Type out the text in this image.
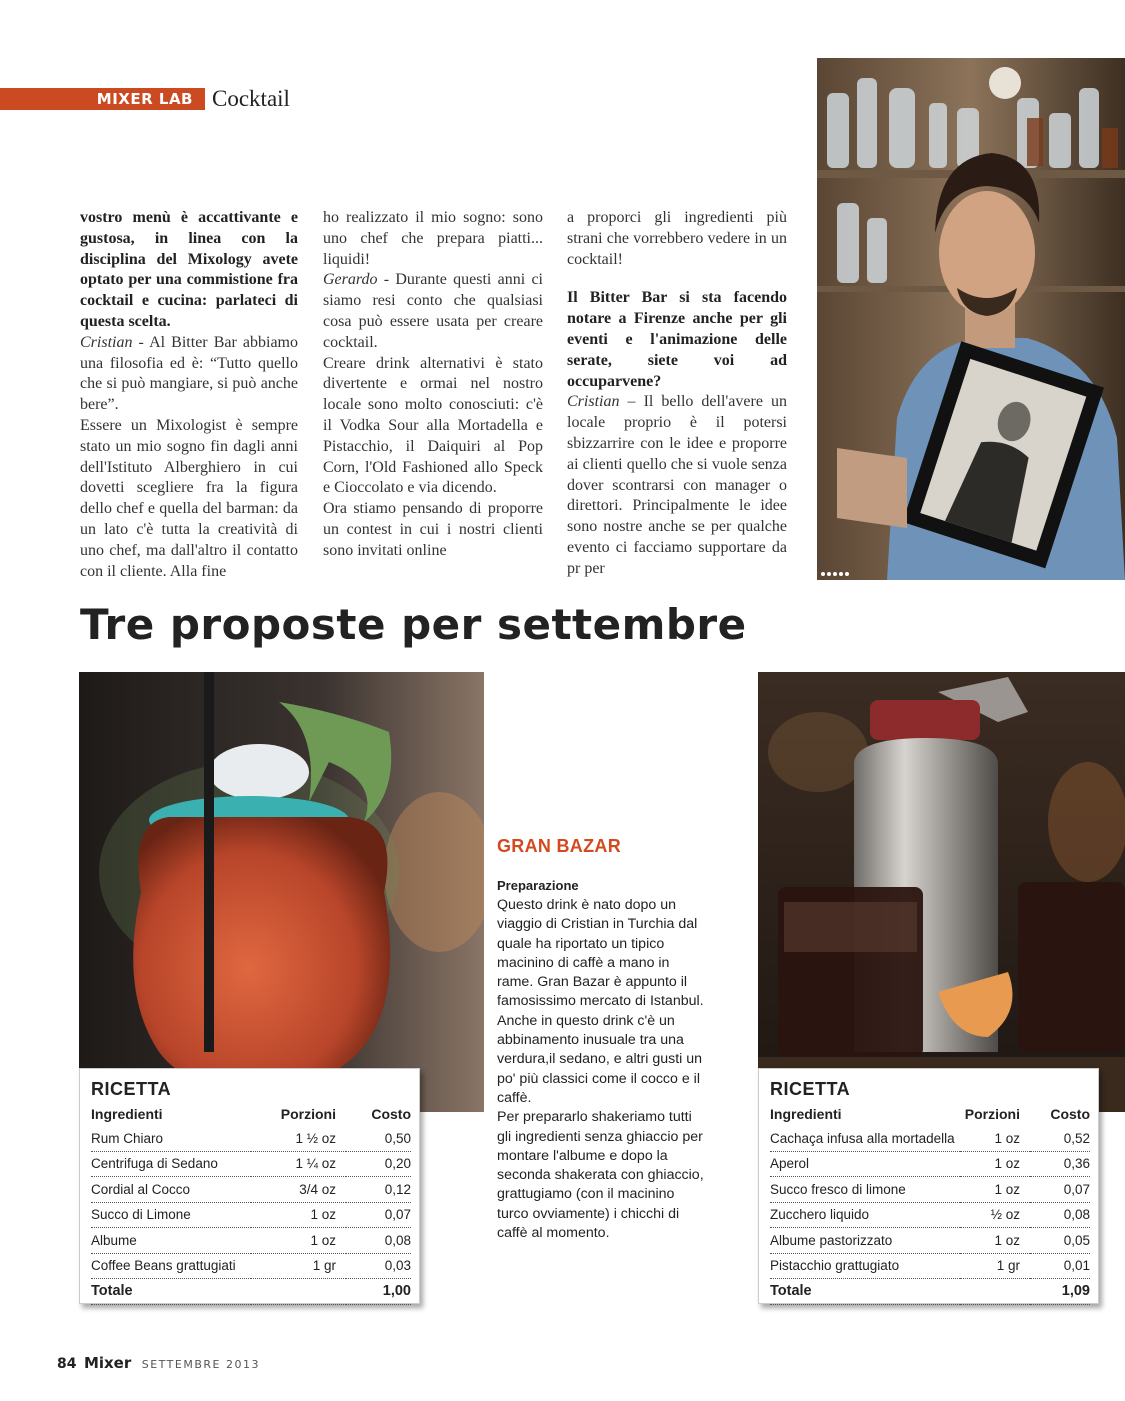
MIXER LAB Cocktail

vostro menù è accattivante e gustosa, in linea con la disciplina del Mixology avete optato per una commistione fra cocktail e cucina: parlateci di questa scelta.

Cristian - Al Bitter Bar abbiamo una filosofia ed è: “Tutto quello che si può mangiare, si può anche bere”.

Essere un Mixologist è sempre stato un mio sogno fin dagli anni dell'Istituto Alberghiero in cui dovetti scegliere fra la figura dello chef e quella del barman: da un lato c'è tutta la creatività di uno chef, ma dall'altro il contatto con il cliente. Alla fine

ho realizzato il mio sogno: sono uno chef che prepara piatti... liquidi!

Gerardo - Durante questi anni ci siamo resi conto che qualsiasi cosa può essere usata per creare cocktail.

Creare drink alternativi è stato divertente e ormai nel nostro locale sono molto conosciuti: c'è il Vodka Sour alla Mortadella e Pistacchio, il Daiquiri al Pop Corn, l'Old Fashioned allo Speck e Cioccolato e via dicendo.

Ora stiamo pensando di proporre un contest in cui i nostri clienti sono invitati online

a proporci gli ingredienti più strani che vorrebbero vedere in un cocktail!

Il Bitter Bar si sta facendo notare a Firenze anche per gli eventi e l'animazione delle serate, siete voi ad occuparvene?

Cristian – Il bello dell'avere un locale proprio è il potersi sbizzarrire con le idee e proporre ai clienti quello che si vuole senza dover scontrarsi con manager o direttori. Principalmente le idee sono nostre anche se per qualche evento ci facciamo supportare da pr per

Tre proposte per settembre
GRAN BAZAR
Preparazione

Questo drink è nato dopo un viaggio di Cristian in Turchia dal quale ha riportato un tipico macinino di caffè a mano in rame. Gran Bazar è appunto il famosissimo mercato di Istanbul.

Anche in questo drink c'è un abbinamento inusuale tra una verdura,il sedano, e altri gusti un po' più classici come il cocco e il caffè.

Per prepararlo shakeriamo tutti gli ingredienti senza ghiaccio per montare l'albume e dopo la seconda shakerata con ghiaccio, grattugiamo (con il macinino turco ovviamente) i chicchi di caffè al momento.

RICETTA
Ingredienti	Porzioni	Costo
Rum Chiaro	1 ½ oz	0,50
Centrifuga di Sedano	1 ¼ oz	0,20
Cordial al Cocco	3/4 oz	0,12
Succo di Limone	1 oz	0,07
Albume	1 oz	0,08
Coffee Beans grattugiati	1 gr	0,03
Totale		1,00
RICETTA
Ingredienti	Porzioni	Costo
Cachaça infusa alla mortadella	1 oz	0,52
Aperol	1 oz	0,36
Succo fresco di limone	1 oz	0,07
Zucchero liquido	½ oz	0,08
Albume pastorizzato	1 oz	0,05
Pistacchio grattugiato	1 gr	0,01
Totale		1,09
84 Mixer SETTEMBRE 2013
